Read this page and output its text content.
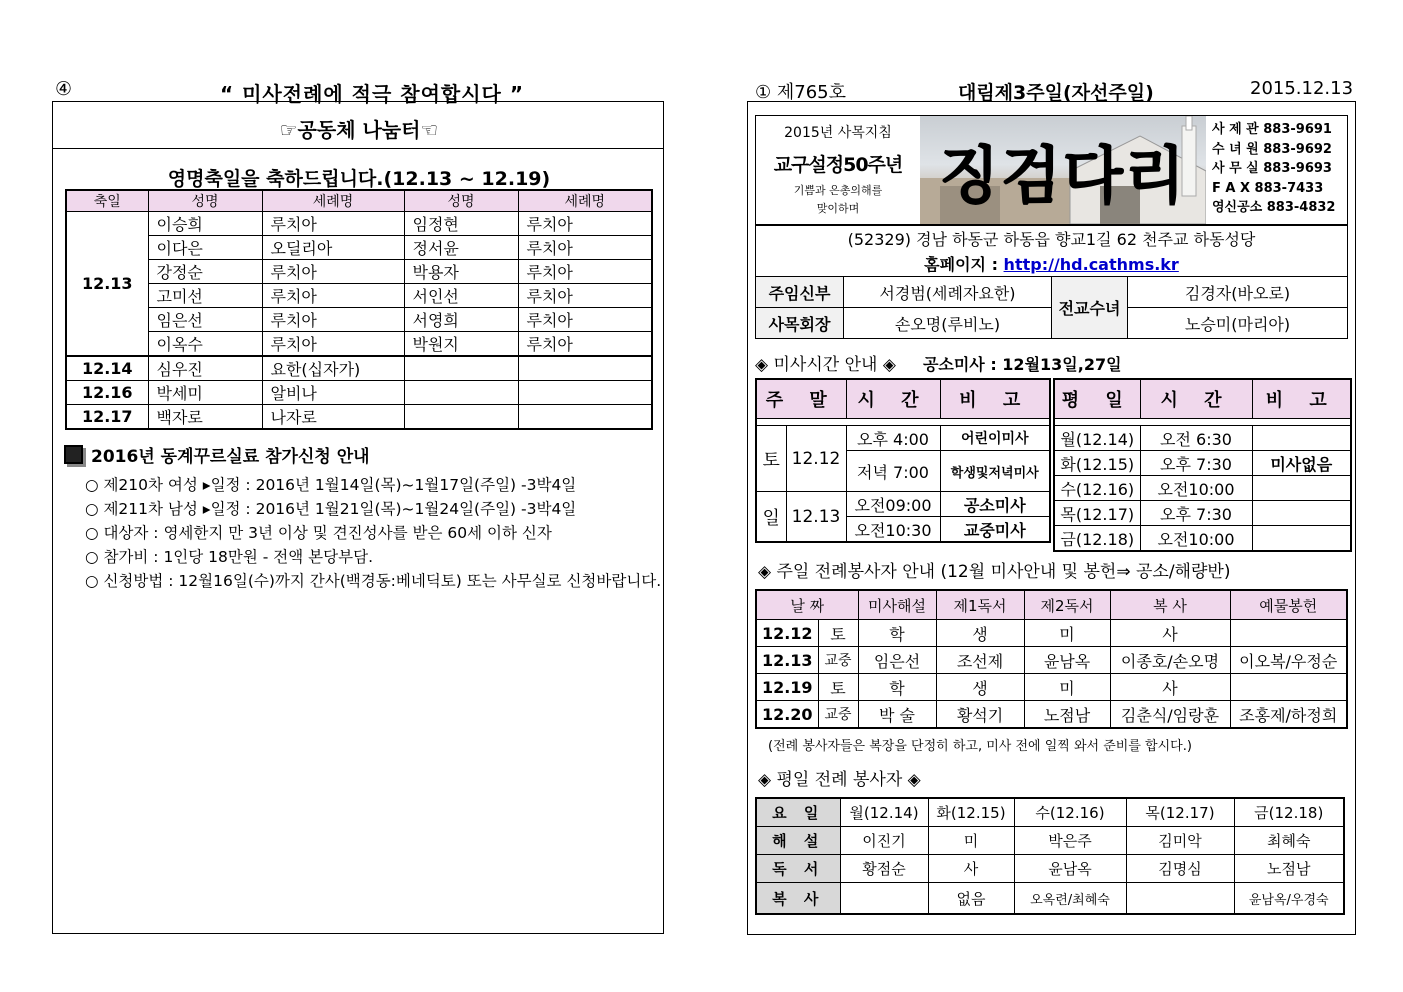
④	“ 미사전례에 적극 참여합시다 ”
☞공동체 나눔터☜
영명축일을 축하드립니다.(12.13 ~ 12.19)
축일	성명	세례명	성명	세례명
12.13	이승희	루치아	임정현	루치아
	이다은	오딜리아	정서윤	루치아
	강정순	루치아	박용자	루치아
	고미선	루치아	서인선	루치아
	임은선	루치아	서영희	루치아
	이옥수	루치아	박원지	루치아
12.14	심우진	요한(십자가)		
12.16	박세미	알비나		
12.17	백자로	나자로		
2016년 동계꾸르실료 참가신청 안내
○ 제210차 여성 ▸일정 : 2016년 1월14일(목)~1월17일(주일) -3박4일
○ 제211차 남성 ▸일정 : 2016년 1월21일(목)~1월24일(주일) -3박4일
○ 대상자 : 영세한지 만 3년 이상 및 견진성사를 받은 60세 이하 신자
○ 참가비 : 1인당 18만원 - 전액 본당부담.
○ 신청방법 : 12월16일(수)까지 간사(백경동:베네딕토) 또는 사무실로 신청바랍니다.
① 제765호	대림제3주일(자선주일)	2015.12.13
2015년 사목지침
교구설정50주년
기쁨과 은총의해를
맞이하며	징검다리
사 제 관 883-9691
수 녀 원 883-9692
사 무 실 883-9693
F A X 883-7433
영신공소 883-4832
(52329) 경남 하동군 하동읍 향교1길 62 천주교 하동성당			
홈페이지 : http://hd.cathms.kr			
주임신부	서경범(세례자요한)	전교수녀	김경자(바오로)
사목회장	손오명(루비노)		노승미(마리아)
◈ 미사시간 안내 ◈ 공소미사 : 12월13일,27일
주 말		시 간	비 고

토	12.12	오후 4:00	어린이미사
		저녁 7:00	학생및저녁미사
일	12.13	오전09:00	공소미사
		오전10:30	교중미사
평 일	시 간	비 고

월(12.14)	오전 6:30	
화(12.15)	오후 7:30	미사없음
수(12.16)	오전10:00	
목(12.17)	오후 7:30	
금(12.18)	오전10:00	
◈ 주일 전례봉사자 안내 (12월 미사안내 및 봉헌⇒ 공소/해량반)
날 짜		미사해설	제1독서	제2독서	복 사	예물봉헌
12.12	토	학	생	미	사	
12.13	교중	임은선	조선제	윤남옥	이종호/손오명	이오복/우정순
12.19	토	학	생	미	사	
12.20	교중	박 술	황석기	노점남	김춘식/임랑훈	조홍제/하정희
(전례 봉사자들은 복장을 단정히 하고, 미사 전에 일찍 와서 준비를 합시다.)
◈ 평일 전례 봉사자 ◈
요 일	월(12.14)	화(12.15)	수(12.16)	목(12.17)	금(12.18)
해 설	이진기	미	박은주	김미악	최혜숙
독 서	황점순	사	윤남옥	김명심	노점남
복 사		없음	오옥련/최혜숙		윤남옥/우경숙
